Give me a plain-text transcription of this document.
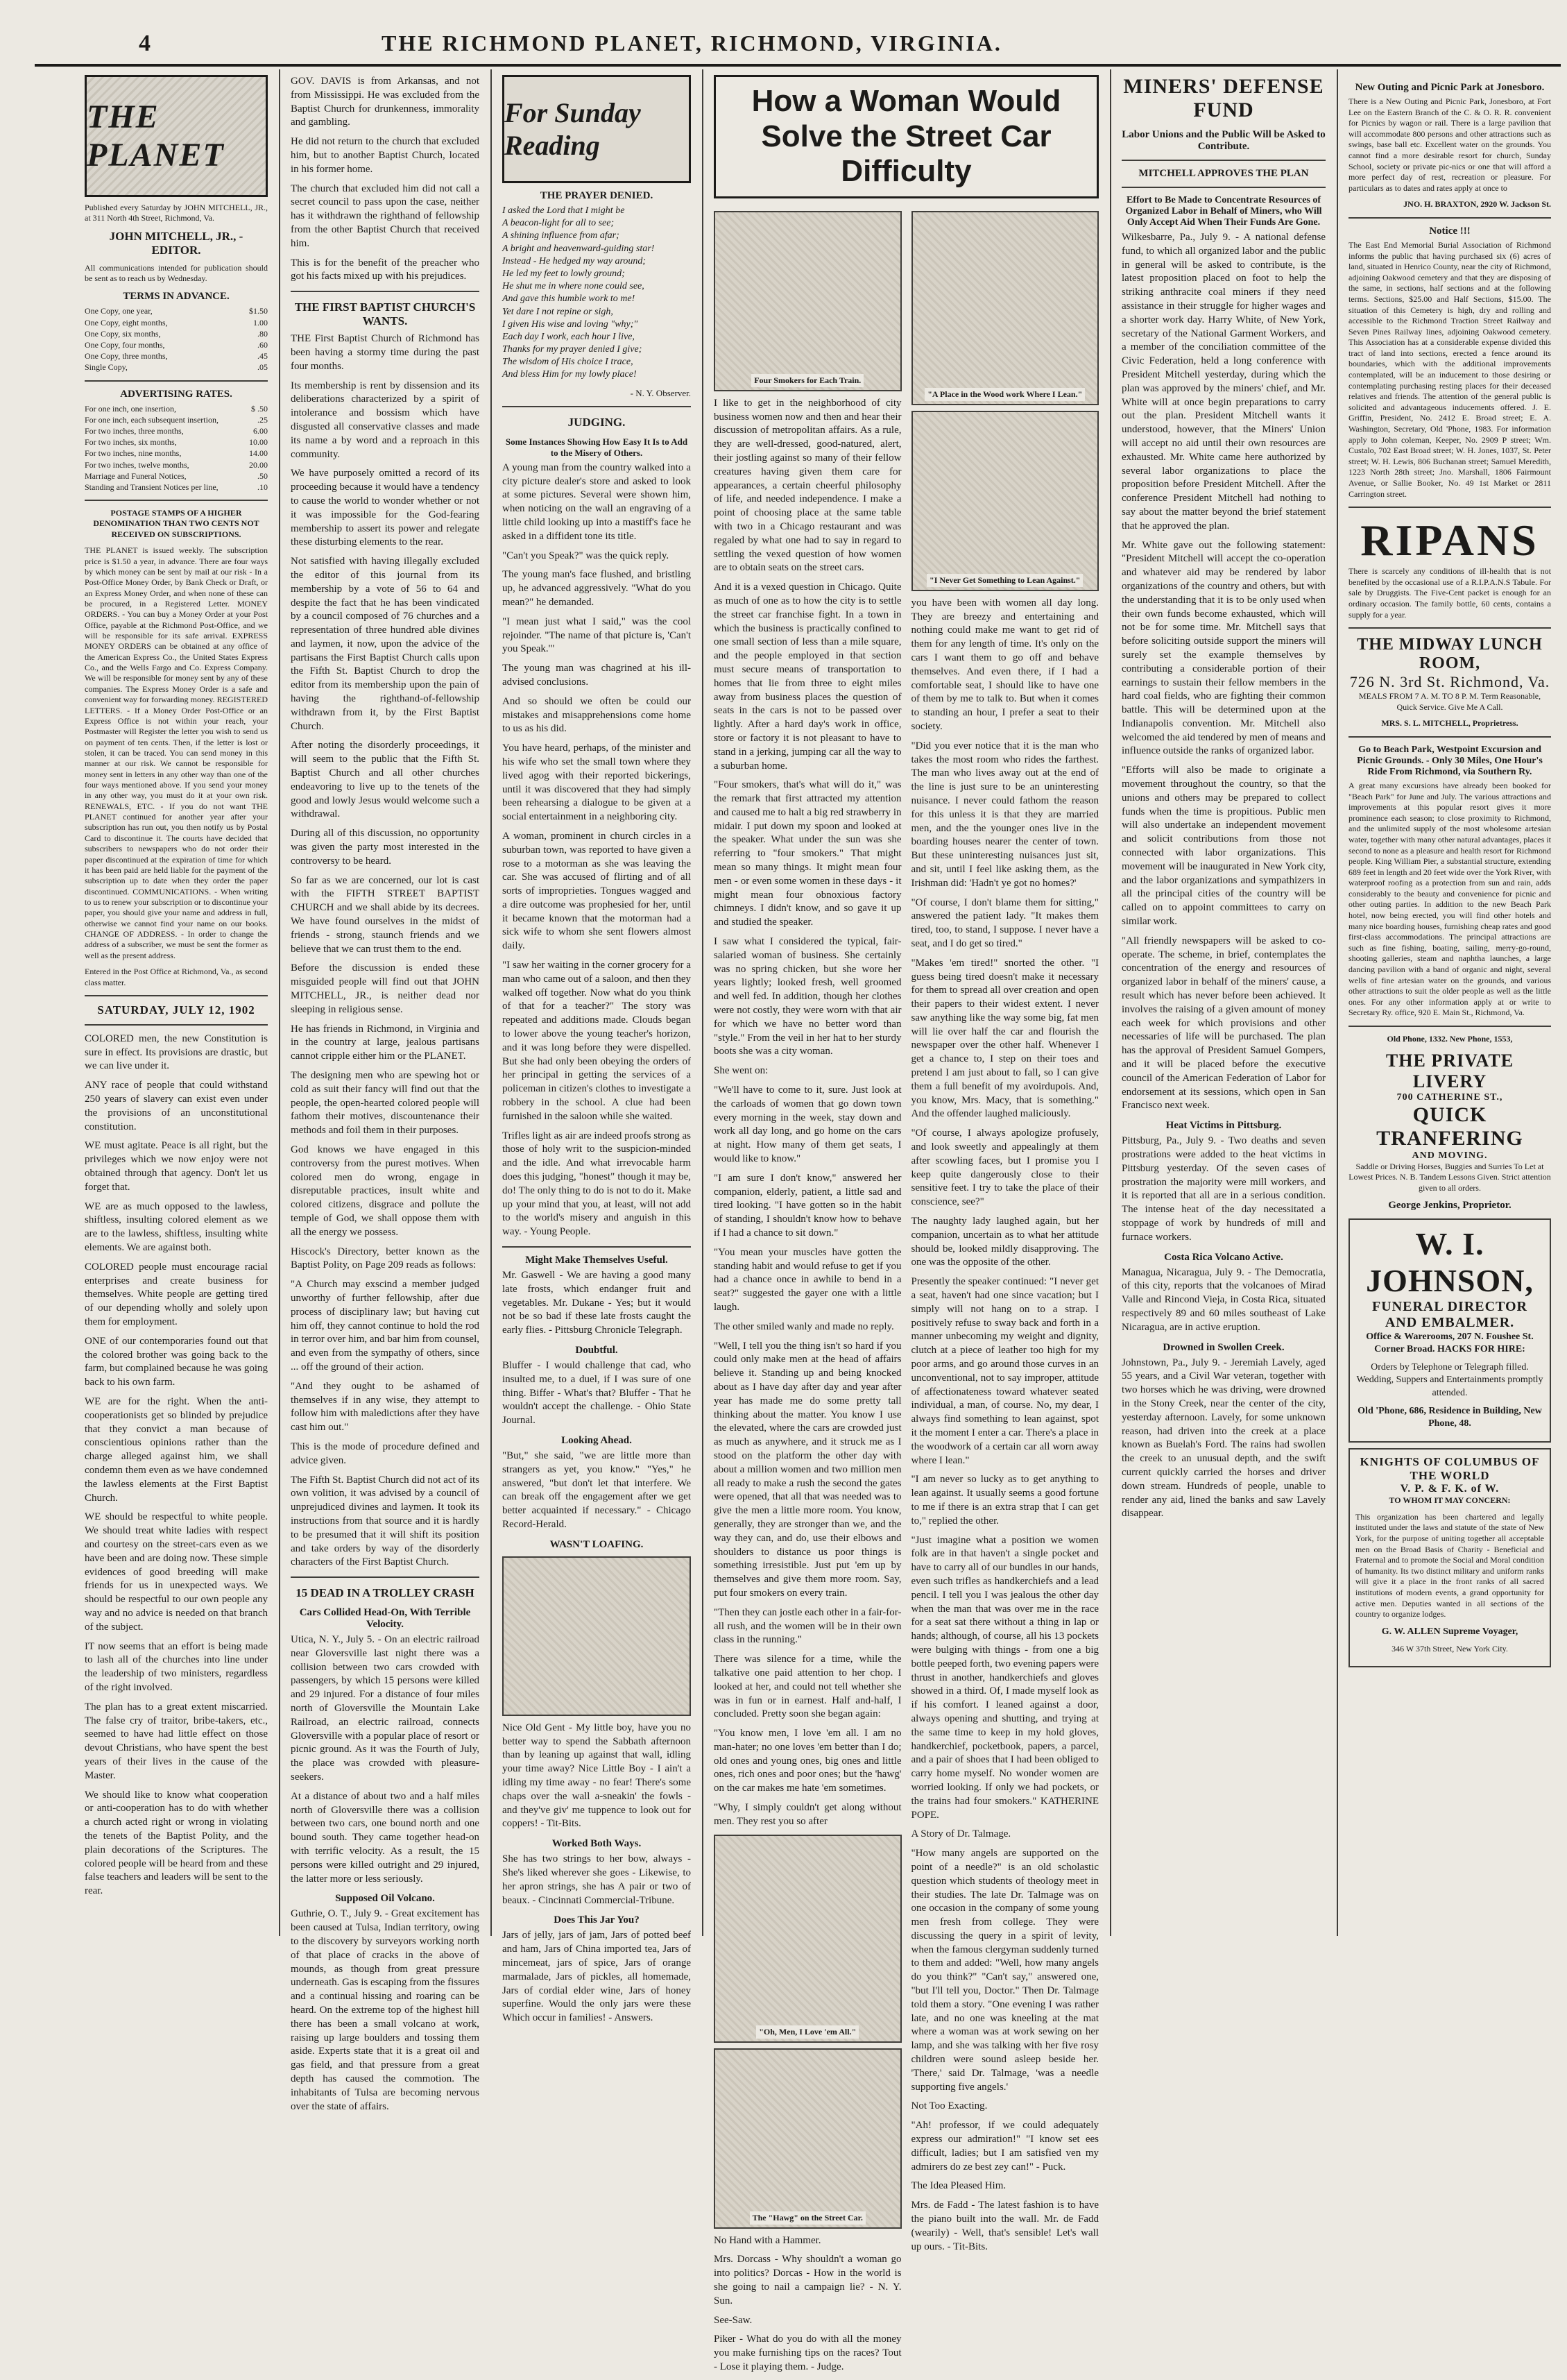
4	THE RICHMOND PLANET, RICHMOND, VIRGINIA.
THE PLANET

Published every Saturday by JOHN MITCHELL, JR., at 311 North 4th Street, Richmond, Va.

JOHN MITCHELL, JR., - EDITOR.

All communications intended for publication should be sent as to reach us by Wednesday.

TERMS IN ADVANCE.
One Copy, one year,	$1.50
One Copy, eight months,	1.00
One Copy, six months,	.80
One Copy, four months,	.60
One Copy, three months,	.45
Single Copy,	.05
ADVERTISING RATES.
For one inch, one insertion,	$ .50
For one inch, each subsequent insertion,	.25
For two inches, three months,	6.00
For two inches, six months,	10.00
For two inches, nine months,	14.00
For two inches, twelve months,	20.00
Marriage and Funeral Notices,	.50
Standing and Transient Notices per line,	.10

POSTAGE STAMPS OF A HIGHER DENOMINATION THAN TWO CENTS NOT RECEIVED ON SUBSCRIPTIONS.

THE PLANET is issued weekly. The subscription price is $1.50 a year, in advance. There are four ways by which money can be sent by mail at our risk - In a Post-Office Money Order, by Bank Check or Draft, or an Express Money Order, and when none of these can be procured, in a Registered Letter. MONEY ORDERS. - You can buy a Money Order at your Post Office, payable at the Richmond Post-Office, and we will be responsible for its safe arrival. EXPRESS MONEY ORDERS can be obtained at any office of the American Express Co., the United States Express Co., and the Wells Fargo and Co. Express Company. We will be responsible for money sent by any of these companies. The Express Money Order is a safe and convenient way for forwarding money. REGISTERED LETTERS. - If a Money Order Post-Office or an Express Office is not within your reach, your Postmaster will Register the letter you wish to send us on payment of ten cents. Then, if the letter is lost or stolen, it can be traced. You can send money in this manner at our risk. We cannot be responsible for money sent in letters in any other way than one of the four ways mentioned above. If you send your money in any other way, you must do it at your own risk. RENEWALS, ETC. - If you do not want THE PLANET continued for another year after your subscription has run out, you then notify us by Postal Card to discontinue it. The courts have decided that subscribers to newspapers who do not order their paper discontinued at the expiration of time for which it has been paid are held liable for the payment of the subscription up to date when they order the paper discontinued. COMMUNICATIONS. - When writing to us to renew your subscription or to discontinue your paper, you should give your name and address in full, otherwise we cannot find your name on our books. CHANGE OF ADDRESS. - In order to change the address of a subscriber, we must be sent the former as well as the present address.

Entered in the Post Office at Richmond, Va., as second class matter.

SATURDAY, JULY 12, 1902

COLORED men, the new Constitution is sure in effect. Its provisions are drastic, but we can live under it.

ANY race of people that could withstand 250 years of slavery can exist even under the provisions of an unconstitutional constitution.

WE must agitate. Peace is all right, but the privileges which we now enjoy were not obtained through that agency. Don't let us forget that.

WE are as much opposed to the lawless, shiftless, insulting colored element as we are to the lawless, shiftless, insulting white elements. We are against both.

COLORED people must encourage racial enterprises and create business for themselves. White people are getting tired of our depending wholly and solely upon them for employment.

ONE of our contemporaries found out that the colored brother was going back to the farm, but complained because he was going back to his own farm.

WE are for the right. When the anti-cooperationists get so blinded by prejudice that they convict a man because of conscientious opinions rather than the charge alleged against him, we shall condemn them even as we have condemned the lawless elements at the First Baptist Church.

WE should be respectful to white people. We should treat white ladies with respect and courtesy on the street-cars even as we have been and are doing now. These simple evidences of good breeding will make friends for us in unexpected ways. We should be respectful to our own people any way and no advice is needed on that branch of the subject.

IT now seems that an effort is being made to lash all of the churches into line under the leadership of two ministers, regardless of the right involved.

The plan has to a great extent miscarried. The false cry of traitor, bribe-takers, etc., seemed to have had little effect on those devout Christians, who have spent the best years of their lives in the cause of the Master.

We should like to know what cooperation or anti-cooperation has to do with whether a church acted right or wrong in violating the tenets of the Baptist Polity, and the plain decorations of the Scriptures. The colored people will be heard from and these false teachers and leaders will be sent to the rear.

GOV. DAVIS is from Arkansas, and not from Mississippi. He was excluded from the Baptist Church for drunkenness, immorality and gambling.

He did not return to the church that excluded him, but to another Baptist Church, located in his former home.

The church that excluded him did not call a secret council to pass upon the case, neither has it withdrawn the righthand of fellowship from the other Baptist Church that received him.

This is for the benefit of the preacher who got his facts mixed up with his prejudices.

THE FIRST BAPTIST CHURCH'S WANTS.

THE First Baptist Church of Richmond has been having a stormy time during the past four months.

Its membership is rent by dissension and its deliberations characterized by a spirit of intolerance and bossism which have disgusted all conservative classes and made its name a by word and a reproach in this community.

We have purposely omitted a record of its proceeding because it would have a tendency to cause the world to wonder whether or not it was impossible for the God-fearing membership to assert its power and relegate these disturbing elements to the rear.

Not satisfied with having illegally excluded the editor of this journal from its membership by a vote of 56 to 64 and despite the fact that he has been vindicated by a council composed of 76 churches and a representation of three hundred able divines and laymen, it now, upon the advice of the partisans the First Baptist Church calls upon the Fifth St. Baptist Church to drop the editor from its membership upon the pain of having the righthand-of-fellowship withdrawn from it, by the First Baptist Church.

After noting the disorderly proceedings, it will seem to the public that the Fifth St. Baptist Church and all other churches endeavoring to live up to the tenets of the good and lowly Jesus would welcome such a withdrawal.

During all of this discussion, no opportunity was given the party most interested in the controversy to be heard.

So far as we are concerned, our lot is cast with the FIFTH STREET BAPTIST CHURCH and we shall abide by its decrees. We have found ourselves in the midst of friends - strong, staunch friends and we believe that we can trust them to the end.

Before the discussion is ended these misguided people will find out that JOHN MITCHELL, JR., is neither dead nor sleeping in religious sense.

He has friends in Richmond, in Virginia and in the country at large, jealous partisans cannot cripple either him or the PLANET.

The designing men who are spewing hot or cold as suit their fancy will find out that the people, the open-hearted colored people will fathom their motives, discountenance their methods and foil them in their purposes.

God knows we have engaged in this controversy from the purest motives. When colored men do wrong, engage in disreputable practices, insult white and colored citizens, disgrace and pollute the temple of God, we shall oppose them with all the energy we possess.

Hiscock's Directory, better known as the Baptist Polity, on Page 209 reads as follows:

"A Church may exscind a member judged unworthy of further fellowship, after due process of disciplinary law; but having cut him off, they cannot continue to hold the rod in terror over him, and bar him from counsel, and even from the sympathy of others, since ... off the ground of their action.

"And they ought to be ashamed of themselves if in any wise, they attempt to follow him with maledictions after they have cast him out."

This is the mode of procedure defined and advice given.

The Fifth St. Baptist Church did not act of its own volition, it was advised by a council of unprejudiced divines and laymen. It took its instructions from that source and it is hardly to be presumed that it will shift its position and take orders by way of the disorderly characters of the First Baptist Church.

15 DEAD IN A TROLLEY CRASH
Cars Collided Head-On, With Terrible Velocity.

Utica, N. Y., July 5. - On an electric railroad near Gloversville last night there was a collision between two cars crowded with passengers, by which 15 persons were killed and 29 injured. For a distance of four miles north of Gloversville the Mountain Lake Railroad, an electric railroad, connects Gloversville with a popular place of resort or picnic ground. As it was the Fourth of July, the place was crowded with pleasure-seekers.

At a distance of about two and a half miles north of Gloversville there was a collision between two cars, one bound north and one bound south. They came together head-on with terrific velocity. As a result, the 15 persons were killed outright and 29 injured, the latter more or less seriously.

Supposed Oil Volcano.

Guthrie, O. T., July 9. - Great excitement has been caused at Tulsa, Indian territory, owing to the discovery by surveyors working north of that place of cracks in the above of mounds, as though from great pressure underneath. Gas is escaping from the fissures and a continual hissing and roaring can be heard. On the extreme top of the highest hill there has been a small volcano at work, raising up large boulders and tossing them aside. Experts state that it is a great oil and gas field, and that pressure from a great depth has caused the commotion. The inhabitants of Tulsa are becoming nervous over the state of affairs.

For Sunday Reading
THE PRAYER DENIED.
I asked the Lord that I might be
A beacon-light for all to see;
A shining influence from afar;
A bright and heavenward-guiding star!
Instead - He hedged my way around;
He led my feet to lowly ground;
He shut me in where none could see,
And gave this humble work to me!
Yet dare I not repine or sigh,
I given His wise and loving "why;"
Each day I work, each hour I live,
Thanks for my prayer denied I give;
The wisdom of His choice I trace,
And bless Him for my lowly place!

- N. Y. Observer.

JUDGING.
Some Instances Showing How Easy It Is to Add to the Misery of Others.

A young man from the country walked into a city picture dealer's store and asked to look at some pictures. Several were shown him, when noticing on the wall an engraving of a little child looking up into a mastiff's face he asked in a diffident tone its title.

"Can't you Speak?" was the quick reply.

The young man's face flushed, and bristling up, he advanced aggressively. "What do you mean?" he demanded.

"I mean just what I said," was the cool rejoinder. "The name of that picture is, 'Can't you Speak.'"

The young man was chagrined at his ill-advised conclusions.

And so should we often be could our mistakes and misapprehensions come home to us as his did.

You have heard, perhaps, of the minister and his wife who set the small town where they lived agog with their reported bickerings, until it was discovered that they had simply been rehearsing a dialogue to be given at a social entertainment in a neighboring city.

A woman, prominent in church circles in a suburban town, was reported to have given a rose to a motorman as she was leaving the car. She was accused of flirting and of all sorts of improprieties. Tongues wagged and a dire outcome was prophesied for her, until it became known that the motorman had a sick wife to whom she sent flowers almost daily.

"I saw her waiting in the corner grocery for a man who came out of a saloon, and then they walked off together. Now what do you think of that for a teacher?" The story was repeated and additions made. Clouds began to lower above the young teacher's horizon, and it was long before they were dispelled. But she had only been obeying the orders of her principal in getting the services of a policeman in citizen's clothes to investigate a robbery in the school. A clue had been furnished in the saloon while she waited.

Trifles light as air are indeed proofs strong as those of holy writ to the suspicion-minded and the idle. And what irrevocable harm does this judging, "honest" though it may be, do! The only thing to do is not to do it. Make up your mind that you, at least, will not add to the world's misery and anguish in this way. - Young People.

Might Make Themselves Useful.

Mr. Gaswell - We are having a good many late frosts, which endanger fruit and vegetables. Mr. Dukane - Yes; but it would not be so bad if these late frosts caught the early flies. - Pittsburg Chronicle Telegraph.

Doubtful.

Bluffer - I would challenge that cad, who insulted me, to a duel, if I was sure of one thing. Biffer - What's that? Bluffer - That he wouldn't accept the challenge. - Ohio State Journal.

Looking Ahead.

"But," she said, "we are little more than strangers as yet, you know." "Yes," he answered, "but don't let that interfere. We can break off the engagement after we get better acquainted if necessary." - Chicago Record-Herald.

WASN'T LOAFING.

Nice Old Gent - My little boy, have you no better way to spend the Sabbath afternoon than by leaning up against that wall, idling your time away? Nice Little Boy - I ain't a idling my time away - no fear! There's some chaps over the wall a-sneakin' the fowls - and they've giv' me tuppence to look out for coppers! - Tit-Bits.

Worked Both Ways.

She has two strings to her bow, always - She's liked wherever she goes - Likewise, to her apron strings, she has A pair or two of beaux. - Cincinnati Commercial-Tribune.

Does This Jar You?

Jars of jelly, jars of jam, Jars of potted beef and ham, Jars of China imported tea, Jars of mincemeat, jars of spice, Jars of orange marmalade, Jars of pickles, all homemade, Jars of cordial elder wine, Jars of honey superfine. Would the only jars were these Which occur in families! - Answers.

How a Woman Would Solve the Street Car Difficulty
Four Smokers for Each Train.

I like to get in the neighborhood of city business women now and then and hear their discussion of metropolitan affairs. As a rule, they are well-dressed, good-natured, alert, their jostling against so many of their fellow creatures having given them care for appearances, a certain cheerful philosophy of life, and needed independence. I make a point of choosing place at the same table with two in a Chicago restaurant and was regaled by what one had to say in regard to settling the vexed question of how women are to obtain seats on the street cars.

And it is a vexed question in Chicago. Quite as much of one as to how the city is to settle the street car franchise fight. In a town in which the business is practically confined to one small section of less than a mile square, and the people employed in that section must secure means of transportation to homes that lie from three to eight miles away from business places the question of seats in the cars is not to be passed over lightly. After a hard day's work in office, store or factory it is not pleasant to have to stand in a jerking, jumping car all the way to a suburban home.

"Four smokers, that's what will do it," was the remark that first attracted my attention and caused me to halt a big red strawberry in midair. I put down my spoon and looked at the speaker. What under the sun was she referring to "four smokers." That might mean so many things. It might mean four men - or even some women in these days - it might mean four obnoxious factory chimneys. I didn't know, and so gave it up and studied the speaker.

I saw what I considered the typical, fair-salaried woman of business. She certainly was no spring chicken, but she wore her years lightly; looked fresh, well groomed and well fed. In addition, though her clothes were not costly, they were worn with that air for which we have no better word than "style." From the veil in her hat to her sturdy boots she was a city woman.

She went on:

"We'll have to come to it, sure. Just look at the carloads of women that go down town every morning in the week, stay down and work all day long, and go home on the cars at night. How many of them get seats, I would like to know."

"I am sure I don't know," answered her companion, elderly, patient, a little sad and tired looking. "I have gotten so in the habit of standing, I shouldn't know how to behave if I had a chance to sit down."

"You mean your muscles have gotten the standing habit and would refuse to get if you had a chance once in awhile to bend in a seat?" suggested the gayer one with a little laugh.

The other smiled wanly and made no reply.

"Well, I tell you the thing isn't so hard if you could only make men at the head of affairs believe it. Standing up and being knocked about as I have day after day and year after year has made me do some pretty tall thinking about the matter. You know I use the elevated, where the cars are crowded just as much as anywhere, and it struck me as I stood on the platform the other day with about a million women and two million men all ready to make a rush the second the gates were opened, that all that was needed was to give the men a little more room. You know, generally, they are stronger than we, and the way they can, and do, use their elbows and shoulders to distance us poor things is something irresistible. Just put 'em up by themselves and give them more room. Say, put four smokers on every train.

"Then they can jostle each other in a fair-for-all rush, and the women will be in their own class in the running."

There was silence for a time, while the talkative one paid attention to her chop. I looked at her, and could not tell whether she was in fun or in earnest. Half and-half, I concluded. Pretty soon she began again:

"You know men, I love 'em all. I am no man-hater; no one loves 'em better than I do; old ones and young ones, big ones and little ones, rich ones and poor ones; but the 'hawg' on the car makes me hate 'em sometimes.

"Why, I simply couldn't get along without men. They rest you so after

"Oh, Men, I Love 'em All."
The "Hawg" on the Street Car.

No Hand with a Hammer.

Mrs. Dorcass - Why shouldn't a woman go into politics? Dorcas - How in the world is she going to nail a campaign lie? - N. Y. Sun.

See-Saw.

Piker - What do you do with all the money you make furnishing tips on the races? Tout - Lose it playing them. - Judge.

"A Place in the Wood work Where I Lean."
"I Never Get Something to Lean Against."

you have been with women all day long. They are breezy and entertaining and nothing could make me want to get rid of them for any length of time. It's only on the cars I want them to go off and behave themselves. And even there, if I had a comfortable seat, I should like to have one of them by me to talk to. But when it comes to standing an hour, I prefer a seat to their society.

"Did you ever notice that it is the man who takes the most room who rides the farthest. The man who lives away out at the end of the line is just sure to be an uninteresting nuisance. I never could fathom the reason for this unless it is that they are married men, and the the younger ones live in the boarding houses nearer the center of town. But these uninteresting nuisances just sit, and sit, until I feel like asking them, as the Irishman did: 'Hadn't ye got no homes?'

"Of course, I don't blame them for sitting," answered the patient lady. "It makes them tired, too, to stand, I suppose. I never have a seat, and I do get so tired."

"Makes 'em tired!" snorted the other. "I guess being tired doesn't make it necessary for them to spread all over creation and open their papers to their widest extent. I never saw anything like the way some big, fat men will lie over half the car and flourish the newspaper over the other half. Whenever I get a chance to, I step on their toes and pretend I am just about to fall, so I can give them a full benefit of my avoirdupois. And, you know, Mrs. Macy, that is something." And the offender laughed maliciously.

"Of course, I always apologize profusely, and look sweetly and appealingly at them after scowling faces, but I promise you I keep quite dangerously close to their sensitive feet. I try to take the place of their conscience, see?"

The naughty lady laughed again, but her companion, uncertain as to what her attitude should be, looked mildly disapproving. The one was the opposite of the other.

Presently the speaker continued: "I never get a seat, haven't had one since vacation; but I simply will not hang on to a strap. I positively refuse to sway back and forth in a manner unbecoming my weight and dignity, clutch at a piece of leather too high for my poor arms, and go around those curves in an unconventional, not to say improper, attitude of affectionateness toward whatever seated individual, a man, of course. No, my dear, I always find something to lean against, spot it the moment I enter a car. There's a place in the woodwork of a certain car all worn away where I lean."

"I am never so lucky as to get anything to lean against. It usually seems a good fortune to me if there is an extra strap that I can get to," replied the other.

"Just imagine what a position we women folk are in that haven't a single pocket and have to carry all of our bundles in our hands, even such trifles as handkerchiefs and a lead pencil. I tell you I was jealous the other day when the man that was over me in the race for a seat sat there without a thing in lap or hands; although, of course, all his 13 pockets were bulging with things - from one a big bottle peeped forth, two evening papers were thrust in another, handkerchiefs and gloves showed in a third. Of, I made myself look as if his comfort. I leaned against a door, always opening and shutting, and trying at the same time to keep in my hold gloves, handkerchief, pocketbook, papers, a parcel, and a pair of shoes that I had been obliged to carry home myself. No wonder women are worried looking. If only we had pockets, or the trains had four smokers." KATHERINE POPE.

A Story of Dr. Talmage.

"How many angels are supported on the point of a needle?" is an old scholastic question which students of theology meet in their studies. The late Dr. Talmage was on one occasion in the company of some young men fresh from college. They were discussing the query in a spirit of levity, when the famous clergyman suddenly turned to them and added: "Well, how many angels do you think?" "Can't say," answered one, "but I'll tell you, Doctor." Then Dr. Talmage told them a story. "One evening I was rather late, and no one was kneeling at the mat where a woman was at work sewing on her lamp, and she was talking with her five rosy children were sound asleep beside her. 'There,' said Dr. Talmage, 'was a needle supporting five angels.'

Not Too Exacting.

"Ah! professor, if we could adequately express our admiration!" "I know set ees difficult, ladies; but I am satisfied ven my admirers do ze best zey can!" - Puck.

The Idea Pleased Him.

Mrs. de Fadd - The latest fashion is to have the piano built into the wall. Mr. de Fadd (wearily) - Well, that's sensible! Let's wall up ours. - Tit-Bits.

MINERS' DEFENSE FUND
Labor Unions and the Public Will be Asked to Contribute.
MITCHELL APPROVES THE PLAN
Effort to Be Made to Concentrate Resources of Organized Labor in Behalf of Miners, who Will Only Accept Aid When Their Funds Are Gone.

Wilkesbarre, Pa., July 9. - A national defense fund, to which all organized labor and the public in general will be asked to contribute, is the latest proposition placed on foot to help the striking anthracite coal miners if they need assistance in their struggle for higher wages and a shorter work day. Harry White, of New York, secretary of the National Garment Workers, and a member of the conciliation committee of the Civic Federation, held a long conference with President Mitchell yesterday, during which the plan was approved by the miners' chief, and Mr. White will at once begin preparations to carry out the plan. President Mitchell wants it understood, however, that the Miners' Union will accept no aid until their own resources are exhausted. Mr. White came here authorized by several labor organizations to place the proposition before President Mitchell. After the conference President Mitchell had nothing to say about the matter beyond the brief statement that he approved the plan.

Mr. White gave out the following statement: "President Mitchell will accept the co-operation and whatever aid may be rendered by labor organizations of the country and others, but with the understanding that it is to be only used when their own funds become exhausted, which will not be for some time. Mr. Mitchell says that before soliciting outside support the miners will surely set the example themselves by contributing a considerable portion of their earnings to sustain their fellow members in the hard coal fields, who are fighting their common battle. This will be determined upon at the Indianapolis convention. Mr. Mitchell also welcomed the aid tendered by men of means and influence outside the ranks of organized labor.

"Efforts will also be made to originate a movement throughout the country, so that the unions and others may be prepared to collect funds when the time is propitious. Public men will also undertake an independent movement and solicit contributions from those not connected with labor organizations. This movement will be inaugurated in New York city, and the labor organizations and sympathizers in all the principal cities of the country will be called on to appoint committees to carry on similar work.

"All friendly newspapers will be asked to co-operate. The scheme, in brief, contemplates the concentration of the energy and resources of organized labor in behalf of the miners' cause, a result which has never before been achieved. It involves the raising of a given amount of money each week for which provisions and other necessaries of life will be purchased. The plan has the approval of President Samuel Gompers, and it will be placed before the executive council of the American Federation of Labor for endorsement at its sessions, which open in San Francisco next week.

Heat Victims in Pittsburg.

Pittsburg, Pa., July 9. - Two deaths and seven prostrations were added to the heat victims in Pittsburg yesterday. Of the seven cases of prostration the majority were mill workers, and it is reported that all are in a serious condition. The intense heat of the day necessitated a stoppage of work by hundreds of mill and furnace workers.

Costa Rica Volcano Active.

Managua, Nicaragua, July 9. - The Democratia, of this city, reports that the volcanoes of Mirad Valle and Rincond Vieja, in Costa Rica, situated respectively 89 and 60 miles southeast of Lake Nicaragua, are in active eruption.

Drowned in Swollen Creek.

Johnstown, Pa., July 9. - Jeremiah Lavely, aged 55 years, and a Civil War veteran, together with two horses which he was driving, were drowned in the Stony Creek, near the center of the city, yesterday afternoon. Lavely, for some unknown reason, had driven into the creek at a place known as Buelah's Ford. The rains had swollen the creek to an unusual depth, and the swift current quickly carried the horses and driver down stream. Hundreds of people, unable to render any aid, lined the banks and saw Lavely disappear.

New Outing and Picnic Park at Jonesboro.

There is a New Outing and Picnic Park, Jonesboro, at Fort Lee on the Eastern Branch of the C. & O. R. R. convenient for Picnics by wagon or rail. There is a large pavilion that will accommodate 800 persons and other attractions such as swings, base ball etc. Excellent water on the grounds. You cannot find a more desirable resort for church, Sunday School, society or private pic-nics or one that will afford a more perfect day of rest, recreation or pleasure. For particulars as to dates and rates apply at once to

JNO. H. BRAXTON, 2920 W. Jackson St.

Notice !!!

The East End Memorial Burial Association of Richmond informs the public that having purchased six (6) acres of land, situated in Henrico County, near the city of Richmond, adjoining Oakwood cemetery and that they are disposing of the same, in sections, half sections and at the following terms. Sections, $25.00 and Half Sections, $15.00. The situation of this Cemetery is high, dry and rolling and accessible to the Richmond Traction Street Railway and Seven Pines Railway lines, adjoining Oakwood cemetery. This Association has at a considerable expense divided this tract of land into sections, erected a fence around its boundaries, which with the additional improvements contemplated, will be an inducement to those desiring or contemplating purchasing resting places for their deceased relatives and friends. The attention of the general public is solicited and advantageous inducements offered. J. E. Griffin, President, No. 2412 E. Broad street; E. A. Washington, Secretary, Old 'Phone, 1983. For information apply to John coleman, Keeper, No. 2909 P street; Wm. Custalo, 702 East Broad street; W. H. Jones, 1037, St. Peter street; W. H. Lewis, 806 Buchanan street; Samuel Meredith, 1223 North 28th street; Jno. Marshall, 1806 Fairmount Avenue, or Sallie Booker, No. 49 1st Market or 2811 Carrington street.

RIPANS

There is scarcely any conditions of ill-health that is not benefited by the occasional use of a R.I.P.A.N.S Tabule. For sale by Druggists. The Five-Cent packet is enough for an ordinary occasion. The family bottle, 60 cents, contains a supply for a year.

THE MIDWAY LUNCH ROOM,
726 N. 3rd St. Richmond, Va.

MEALS FROM 7 A. M. TO 8 P. M. Term Reasonable, Quick Service. Give Me A Call.

MRS. S. L. MITCHELL, Proprietress.

Go to Beach Park, Westpoint Excursion and Picnic Grounds. - Only 30 Miles, One Hour's Ride From Richmond, via Southern Ry.

A great many excursions have already been booked for "Beach Park" for June and July. The various attractions and improvements at this popular resort gives it more prominence each season; to close proximity to Richmond, and the unlimited supply of the most wholesome artesian water, together with many other natural advantages, places it second to none as a pleasure and health resort for Richmond people. King William Pier, a substantial structure, extending 689 feet in length and 20 feet wide over the York River, with waterproof roofing as a protection from sun and rain, adds considerably to the beauty and convenience for picnic and other outing parties. In addition to the new Beach Park hotel, now being erected, you will find other hotels and many nice boarding houses, furnishing cheap rates and good first-class accommodations. The principal attractions are such as fine fishing, boating, sailing, merry-go-round, shooting galleries, steam and naphtha launches, a large dancing pavilion with a band of organic and night, several wells of fine artesian water on the grounds, and various other attractions to suit the older people as well as the little ones. For any other information apply at or write to Secretary Ry. office, 920 E. Main St., Richmond, Va.

Old Phone, 1332. New Phone, 1553,

THE PRIVATE LIVERY
700 CATHERINE ST.,
QUICK TRANFERING
AND MOVING.

Saddle or Driving Horses, Buggies and Surries To Let at Lowest Prices. N. B. Tandem Lessons Given. Strict attention given to all orders.

George Jenkins, Proprietor.

W. I. JOHNSON,
FUNERAL DIRECTOR AND EMBALMER.

Office & Warerooms, 207 N. Foushee St. Corner Broad. HACKS FOR HIRE:

Orders by Telephone or Telegraph filled. Wedding, Suppers and Entertainments promptly attended.

Old 'Phone, 686, Residence in Building, New Phone, 48.

KNIGHTS OF COLUMBUS OF THE WORLD
V. P. & F. K. of W.

TO WHOM IT MAY CONCERN:

This organization has been chartered and legally instituted under the laws and statute of the state of New York, for the purpose of uniting together all acceptable men on the Broad Basis of Charity - Beneficial and Fraternal and to promote the Social and Moral condition of humanity. Its two distinct military and uniform ranks will give it a place in the front ranks of all sacred institutions of modern events, a grand opportunity for active men. Deputies wanted in all sections of the country to organize lodges.

G. W. ALLEN Supreme Voyager,

346 W 37th Street, New York City.
